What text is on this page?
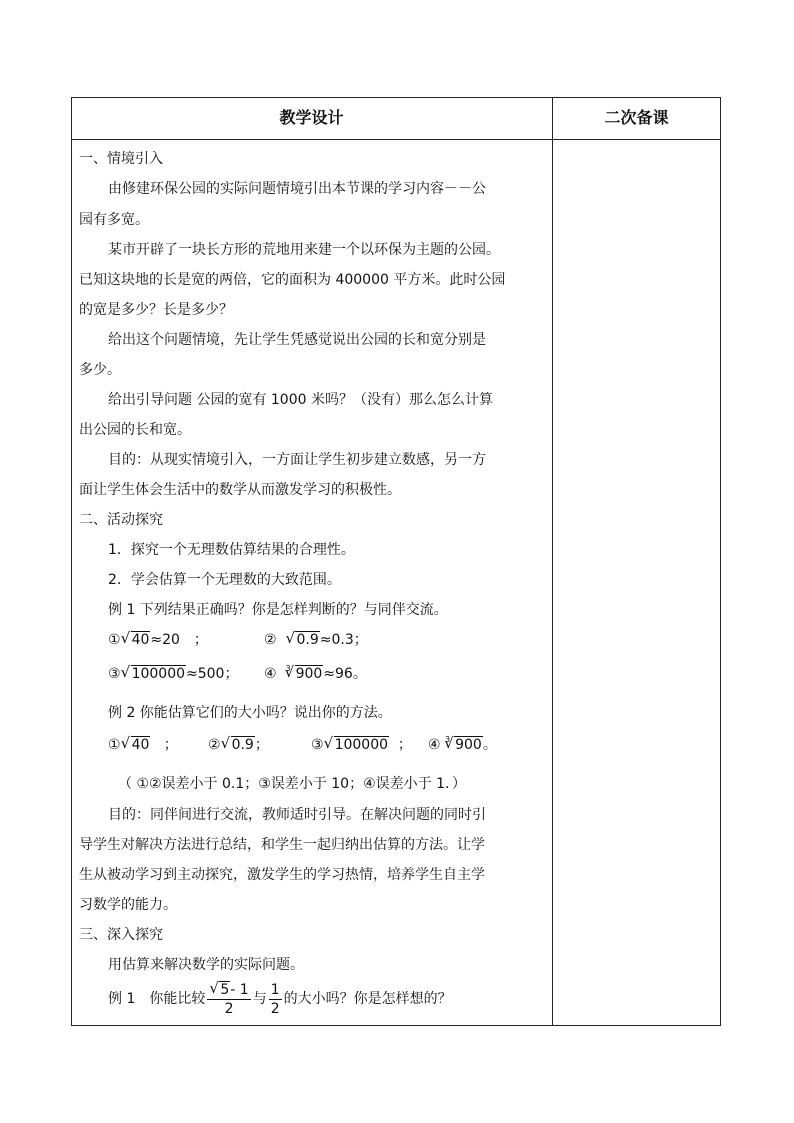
教学设计	二次备课
一、情境引入
由修建环保公园的实际问题情境引出本节课的学习内容－－公
园有多宽。
某市开辟了一块长方形的荒地用来建一个以环保为主题的公园。
已知这块地的长是宽的两倍，它的面积为 400000 平方米。此时公园
的宽是多少？长是多少？
给出这个问题情境，先让学生凭感觉说出公园的长和宽分别是
多少。
给出引导问题 公园的宽有 1000 米吗？（没有）那么怎么计算
出公园的长和宽。
目的：从现实情境引入，一方面让学生初步建立数感，另一方
面让学生体会生活中的数学从而激发学习的积极性。
二、活动探究
1．探究一个无理数估算结果的合理性。
2．学会估算一个无理数的大致范围。
例 1 下列结果正确吗？你是怎样判断的？与同伴交流。
① √ 40≈20　；	② √ 0.9≈0.3；
③ √ 100000≈500； ④ $^3$ √ 900≈96。
例 2 你能估算它们的大小吗？说出你的方法。
① √ 40 ； ② √ 0.9；	③ √ 100000 ； ④ $^3$ √ 900。
（ ①②误差小于 0.1；③误差小于 10；④误差小于 1．）
目的：同伴间进行交流，教师适时引导。在解决问题的同时引
导学生对解决方法进行总结，和学生一起归纳出估算的方法。让学
生从被动学习到主动探究，激发学生的学习热情，培养学生自主学
习数学的能力。
三、深入探究
用估算来解决数学的实际问题。
例 1　你能比较 √ $\frac{5- 1}{2}$ 与 $\frac{1}{2}$ 的大小吗？你是怎样想的？
